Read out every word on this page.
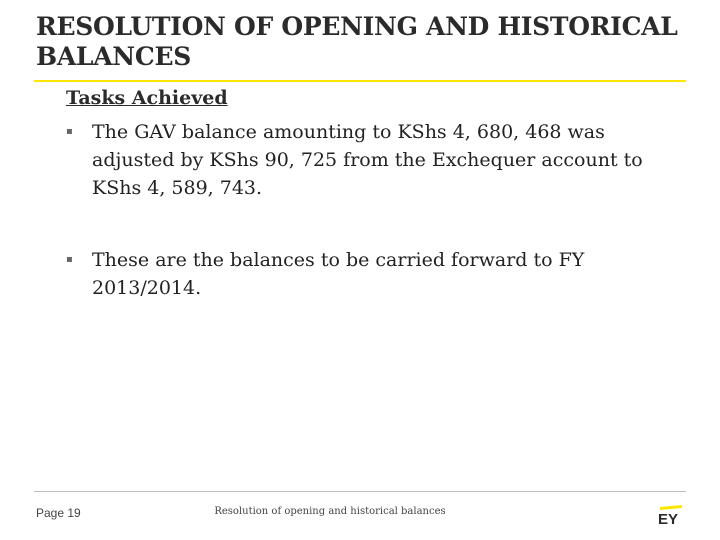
RESOLUTION OF OPENING AND HISTORICAL BALANCES
Tasks Achieved
▪	The GAV balance amounting to KShs 4, 680, 468 was adjusted by KShs 90, 725 from the Exchequer account to KShs 4, 589, 743.
▪	These are the balances to be carried forward to FY 2013/2014.
Page 19	Resolution of opening and historical balances	EY
